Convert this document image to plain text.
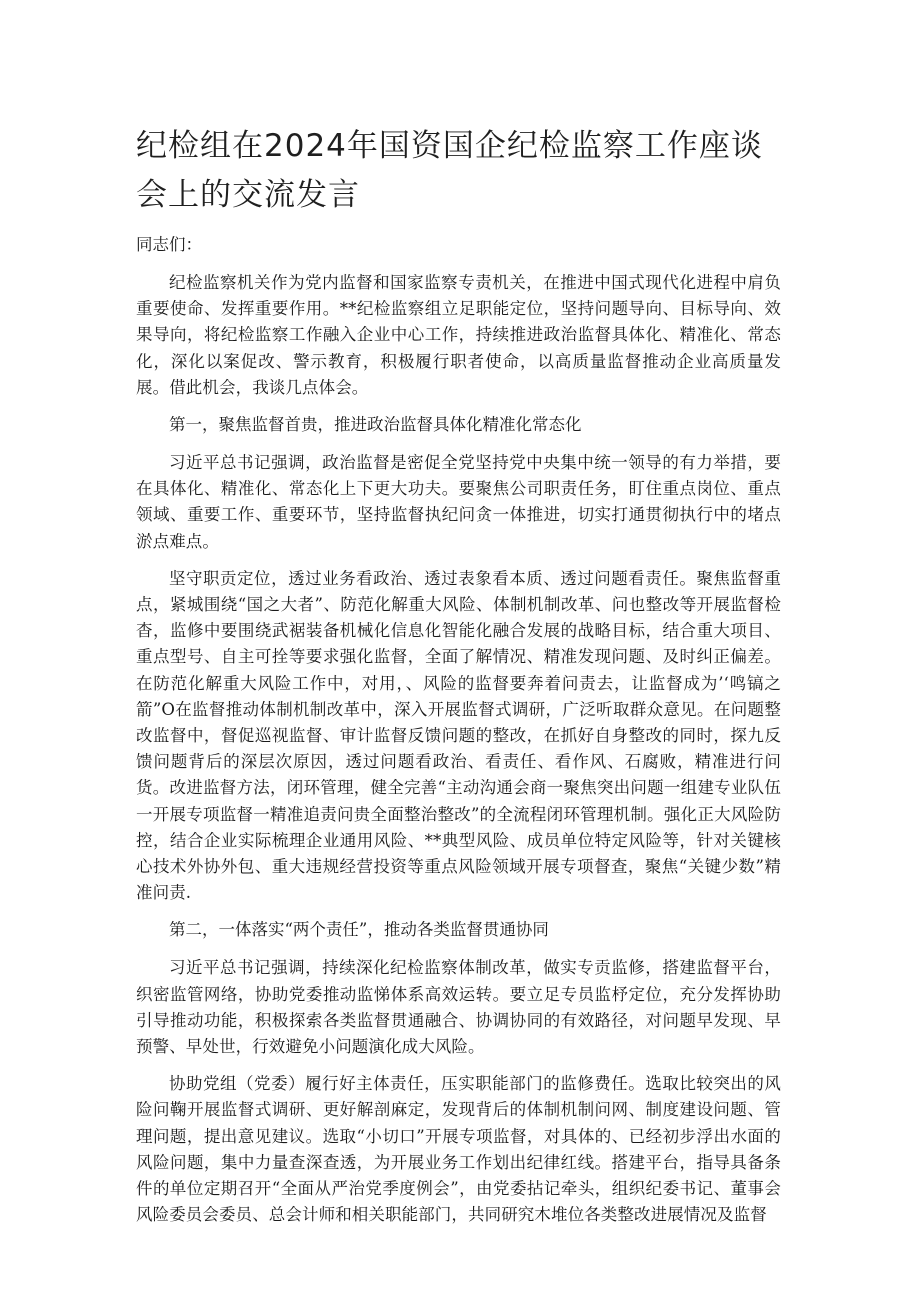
纪检组在2024年国资国企纪检监察工作座谈会上的交流发言

同志们：

纪检监察机关作为党内监督和国家监察专责机关，在推进中国式现代化进程中肩负重要使命、发挥重要作用。**纪检监察组立足职能定位，坚持问题导向、目标导向、效果导向，将纪检监察工作融入企业中心工作，持续推进政治监督具体化、精准化、常态化，深化以案促改、警示教育，积极履行职者使命，以高质量监督推动企业高质量发展。借此机会，我谈几点体会。

第一，聚焦监督首贵，推进政治监督具体化精准化常态化

习近平总书记强调，政治监督是密促全党坚持党中央集中统一领导的有力举措，要在具体化、精准化、常态化上下更大功夫。要聚焦公司职责任务，盯住重点岗位、重点领域、重要工作、重要环节，坚持监督执纪问贪一体推进，切实打通贯彻执行中的堵点淤点难点。

坚守职贡定位，透过业务看政治、透过表象看本质、透过问题看责任。聚焦监督重点，紧城围绕“国之大者”、防范化解重大风险、体制机制改革、问也整改等开展监督检杳，监修中要围绕武裾装备机械化信息化智能化融合发展的战略目标，结合重大项目、重点型号、自主可拴等要求强化监督，全面了解情况、精准发现问题、及时纠正偏差。在防范化解重大风险工作中，对用，、风险的监督要奔着问责去，让监督成为’‘鸣镐之箭”O在监督推动体制机制改革中，深入开展监督式调研，广泛听取群众意见。在问题整改监督中，督促巡视监督、审计监督反馈问题的整改，在抓好自身整改的同时，探九反馈问题背后的深层次原因，透过问题看政治、看责任、看作风、石腐败，精准进行问货。改进监督方法，闭环管理，健全完善“主动沟通会商一聚焦突出问题一组建专业队伍一开展专项监督一精准追责问贵全面整治整改”的全流程闭环管理机制。强化正大风险防控，结合企业实际梳理企业通用风险、**典型风险、成员单位特定风险等，针对关键核心技术外协外包、重大违规经营投资等重点风险领域开展专项督查，聚焦“关键少数”精准问责.

第二，一体落实“两个责任”，推动各类监督贯通协同

习近平总书记强调，持续深化纪检监察体制改革，做实专贡监修，搭建监督平台，织密监管网络，协助党委推动监悌体系高效运转。要立足专员监杼定位，充分发挥协助引导推动功能，积极探索各类监督贯通融合、协调协同的有效路径，对问题早发现、早预警、早处世，行效避免小问题演化成大风险。

协助党组（党委）履行好主体责任，压实职能部门的监修费任。选取比较突出的风险问鞠开展监督式调研、更好解剖麻定，发现背后的体制机制问网、制度建设问题、管理问题，提出意见建议。选取“小切口”开展专项监督，对具体的、已经初步浮出水面的风险问题，集中力量查深查透，为开展业务工作划出纪律红线。搭建平台，指导具备条件的单位定期召开“全面从严治党季度例会”，由党委拈记牵头，组织纪委书记、董事会风险委员会委员、总会计师和相关职能部门，共同研究木堆位各类整改进展情况及监督
